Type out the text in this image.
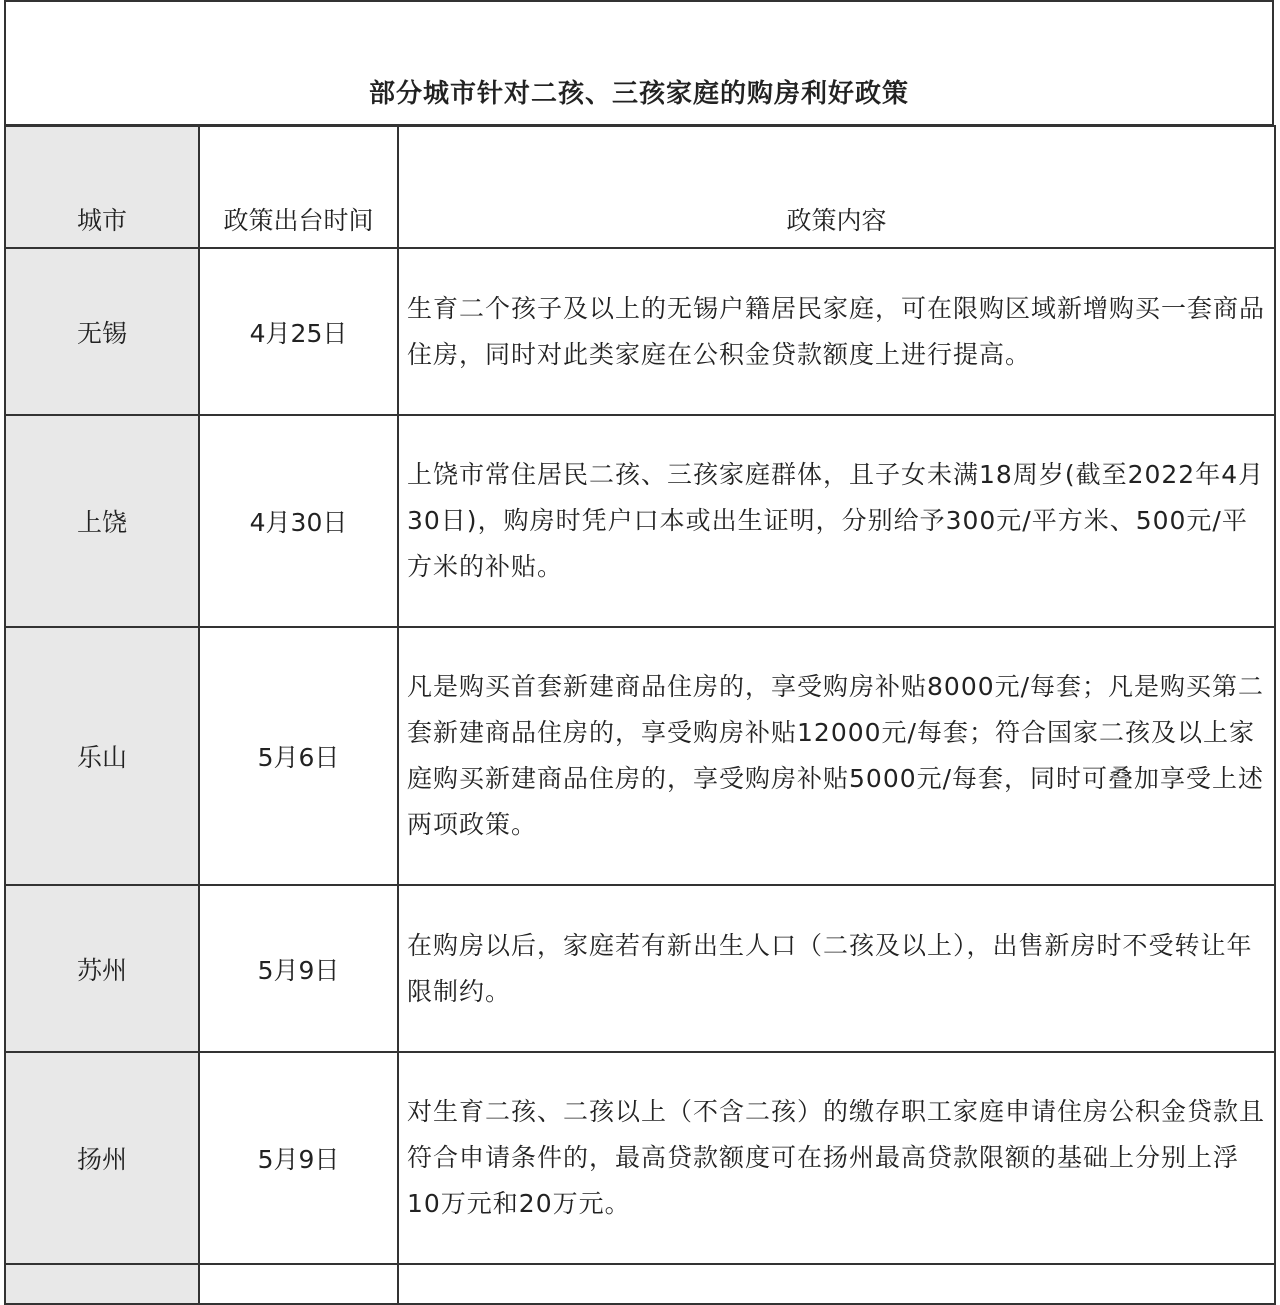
部分城市针对二孩、三孩家庭的购房利好政策
城市	政策出台时间	政策内容
无锡	4月25日	生育二个孩子及以上的无锡户籍居民家庭，可在限购区域新增购买一套商品住房，同时对此类家庭在公积金贷款额度上进行提高。
上饶	4月30日	上饶市常住居民二孩、三孩家庭群体，且子女未满18周岁(截至2022年4月30日)，购房时凭户口本或出生证明，分别给予300元/平方米、500元/平方米的补贴。
乐山	5月6日	凡是购买首套新建商品住房的，享受购房补贴8000元/每套；凡是购买第二套新建商品住房的，享受购房补贴12000元/每套；符合国家二孩及以上家庭购买新建商品住房的，享受购房补贴5000元/每套，同时可叠加享受上述两项政策。
苏州	5月9日	在购房以后，家庭若有新出生人口（二孩及以上），出售新房时不受转让年限制约。
扬州	5月9日	对生育二孩、二孩以上（不含二孩）的缴存职工家庭申请住房公积金贷款且符合申请条件的，最高贷款额度可在扬州最高贷款限额的基础上分别上浮10万元和20万元。
